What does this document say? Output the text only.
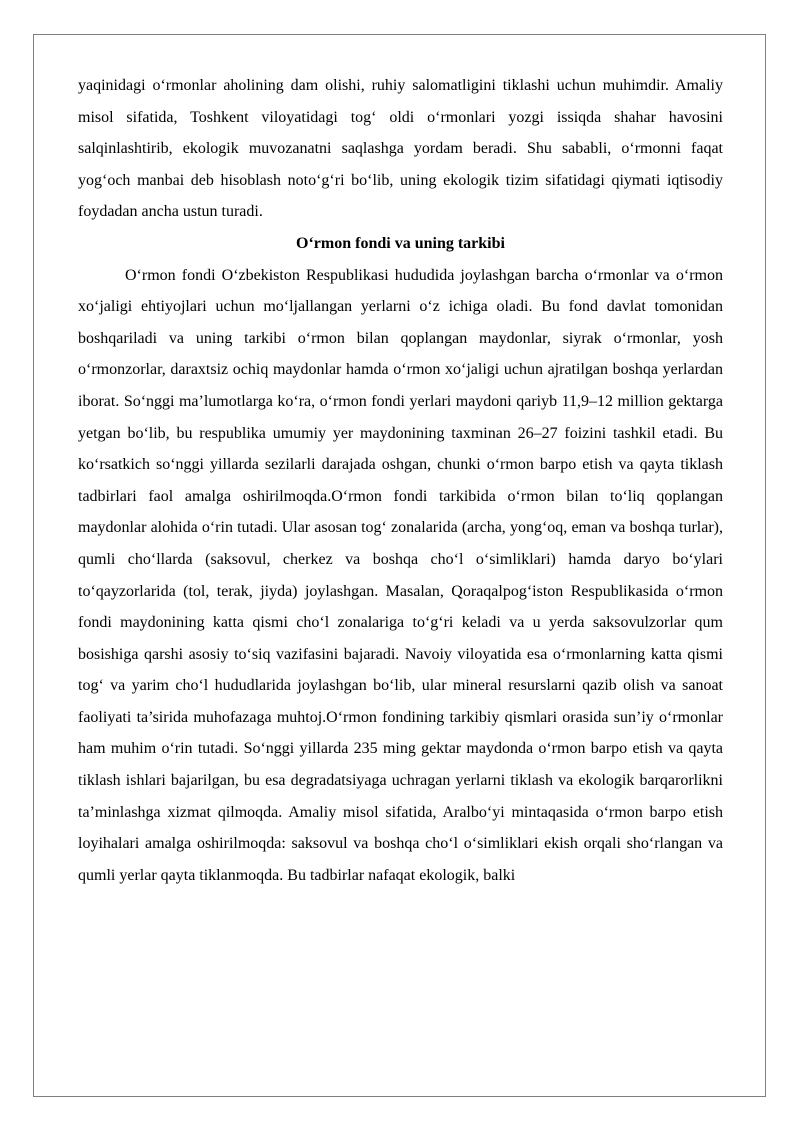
yaqinidagi o‘rmonlar aholining dam olishi, ruhiy salomatligini tiklashi uchun muhimdir. Amaliy misol sifatida, Toshkent viloyatidagi tog‘ oldi o‘rmonlari yozgi issiqda shahar havosini salqinlashtirib, ekologik muvozanatni saqlashga yordam beradi. Shu sababli, o‘rmonni faqat yog‘och manbai deb hisoblash noto‘g‘ri bo‘lib, uning ekologik tizim sifatidagi qiymati iqtisodiy foydadan ancha ustun turadi.

O‘rmon fondi va uning tarkibi

O‘rmon fondi O‘zbekiston Respublikasi hududida joylashgan barcha o‘rmonlar va o‘rmon xo‘jaligi ehtiyojlari uchun mo‘ljallangan yerlarni o‘z ichiga oladi. Bu fond davlat tomonidan boshqariladi va uning tarkibi o‘rmon bilan qoplangan maydonlar, siyrak o‘rmonlar, yosh o‘rmonzorlar, daraxtsiz ochiq maydonlar hamda o‘rmon xo‘jaligi uchun ajratilgan boshqa yerlardan iborat. So‘nggi ma’lumotlarga ko‘ra, o‘rmon fondi yerlari maydoni qariyb 11,9–12 million gektarga yetgan bo‘lib, bu respublika umumiy yer maydonining taxminan 26–27 foizini tashkil etadi. Bu ko‘rsatkich so‘nggi yillarda sezilarli darajada oshgan, chunki o‘rmon barpo etish va qayta tiklash tadbirlari faol amalga oshirilmoqda.O‘rmon fondi tarkibida o‘rmon bilan to‘liq qoplangan maydonlar alohida o‘rin tutadi. Ular asosan tog‘ zonalarida (archa, yong‘oq, eman va boshqa turlar), qumli cho‘llarda (saksovul, cherkez va boshqa cho‘l o‘simliklari) hamda daryo bo‘ylari to‘qayzorlarida (tol, terak, jiyda) joylashgan. Masalan, Qoraqalpog‘iston Respublikasida o‘rmon fondi maydonining katta qismi cho‘l zonalariga to‘g‘ri keladi va u yerda saksovulzorlar qum bosishiga qarshi asosiy to‘siq vazifasini bajaradi. Navoiy viloyatida esa o‘rmonlarning katta qismi tog‘ va yarim cho‘l hududlarida joylashgan bo‘lib, ular mineral resurslarni qazib olish va sanoat faoliyati ta’sirida muhofazaga muhtoj.O‘rmon fondining tarkibiy qismlari orasida sun’iy o‘rmonlar ham muhim o‘rin tutadi. So‘nggi yillarda 235 ming gektar maydonda o‘rmon barpo etish va qayta tiklash ishlari bajarilgan, bu esa degradatsiyaga uchragan yerlarni tiklash va ekologik barqarorlikni ta’minlashga xizmat qilmoqda. Amaliy misol sifatida, Aralbo‘yi mintaqasida o‘rmon barpo etish loyihalari amalga oshirilmoqda: saksovul va boshqa cho‘l o‘simliklari ekish orqali sho‘rlangan va qumli yerlar qayta tiklanmoqda. Bu tadbirlar nafaqat ekologik, balki
